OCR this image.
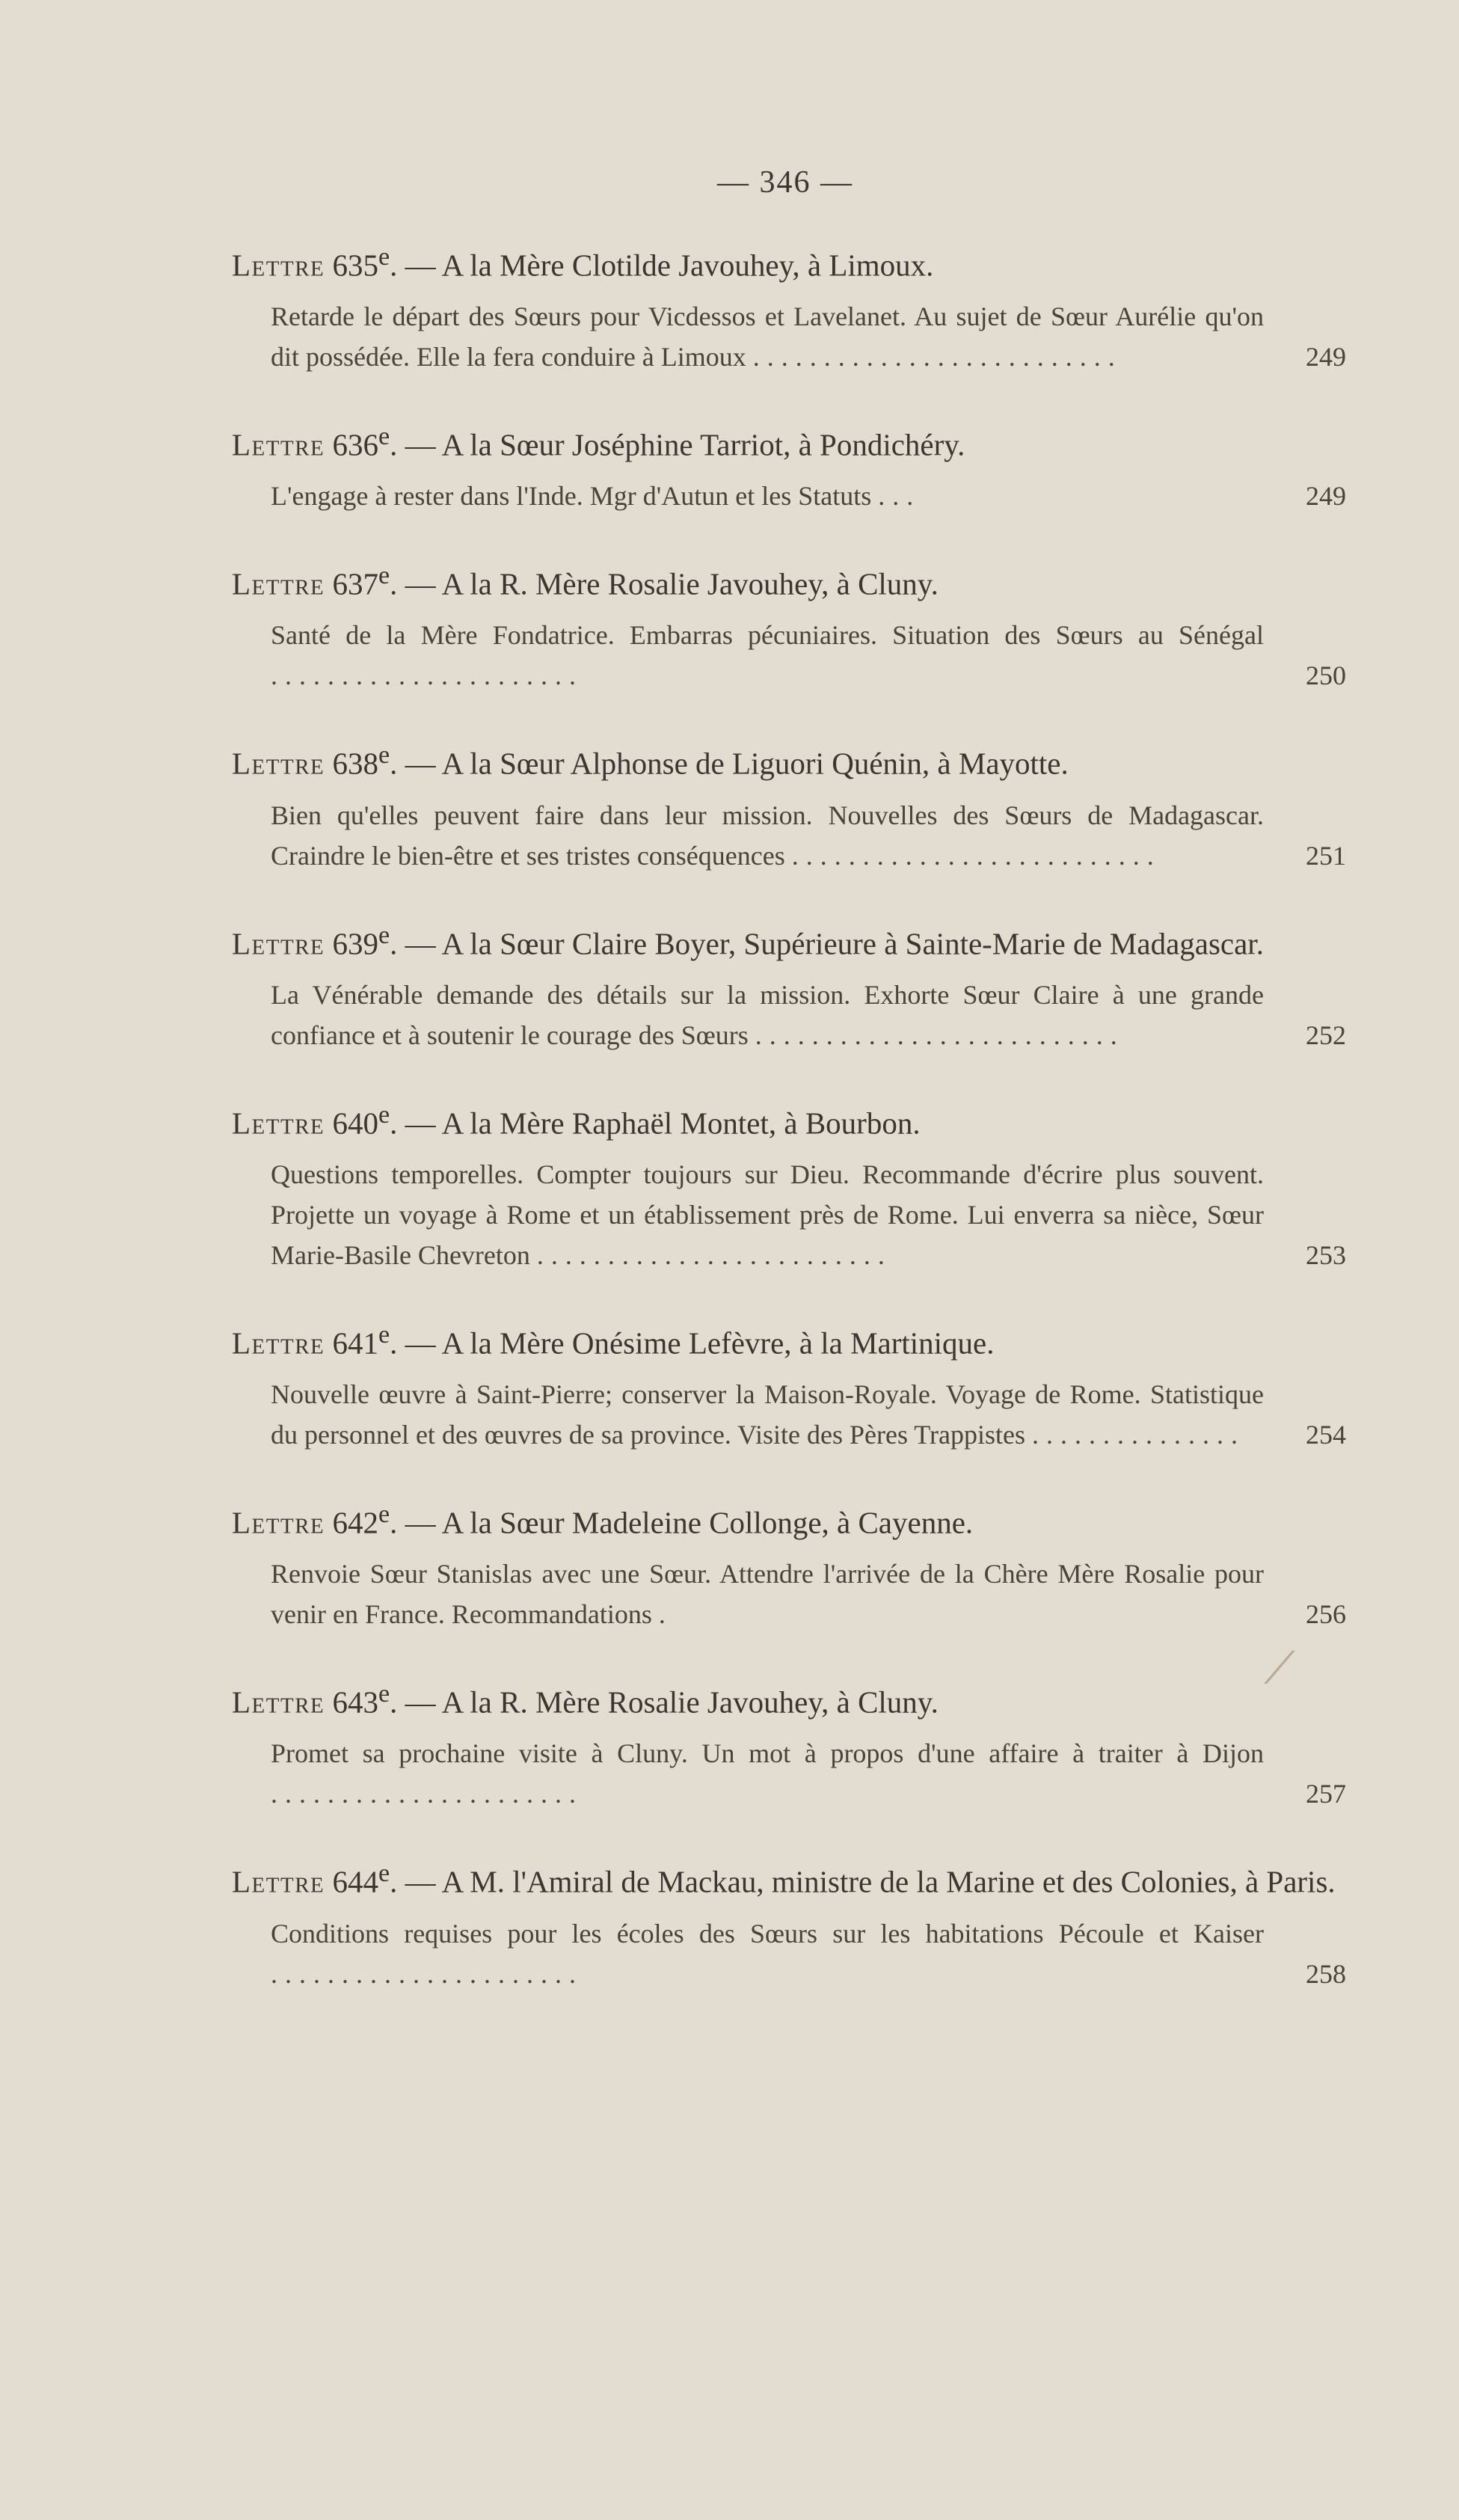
— 346 —
Lettre 635e. — A la Mère Clotilde Javouhey, à Limoux.
Retarde le départ des Sœurs pour Vicdessos et Lavelanet. Au sujet de Sœur Aurélie qu'on dit possédée. Elle la fera conduire à Limoux ..........................	249
Lettre 636e. — A la Sœur Joséphine Tarriot, à Pondichéry.
L'engage à rester dans l'Inde. Mgr d'Autun et les Statuts ...	249
Lettre 637e. — A la R. Mère Rosalie Javouhey, à Cluny.
Santé de la Mère Fondatrice. Embarras pécuniaires. Situation des Sœurs au Sénégal ......................	250
Lettre 638e. — A la Sœur Alphonse de Liguori Quénin, à Mayotte.
Bien qu'elles peuvent faire dans leur mission. Nouvelles des Sœurs de Madagascar. Craindre le bien-être et ses tristes conséquences ..........................	251
Lettre 639e. — A la Sœur Claire Boyer, Supérieure à Sainte-Marie de Madagascar.
La Vénérable demande des détails sur la mission. Exhorte Sœur Claire à une grande confiance et à soutenir le courage des Sœurs ..........................	252
Lettre 640e. — A la Mère Raphaël Montet, à Bourbon.
Questions temporelles. Compter toujours sur Dieu. Recommande d'écrire plus souvent. Projette un voyage à Rome et un établissement près de Rome. Lui enverra sa nièce, Sœur Marie-Basile Chevreton .........................	253
Lettre 641e. — A la Mère Onésime Lefèvre, à la Martinique.
Nouvelle œuvre à Saint-Pierre; conserver la Maison-Royale. Voyage de Rome. Statistique du personnel et des œuvres de sa province. Visite des Pères Trappistes ............... 254
Lettre 642e. — A la Sœur Madeleine Collonge, à Cayenne.
Renvoie Sœur Stanislas avec une Sœur. Attendre l'arrivée de la Chère Mère Rosalie pour venir en France. Recommandations .	256
Lettre 643e. — A la R. Mère Rosalie Javouhey, à Cluny.
Promet sa prochaine visite à Cluny. Un mot à propos d'une affaire à traiter à Dijon ......................	257
Lettre 644e. — A M. l'Amiral de Mackau, ministre de la Marine et des Colonies, à Paris.
Conditions requises pour les écoles des Sœurs sur les habitations Pécoule et Kaiser ......................	258
⟋
